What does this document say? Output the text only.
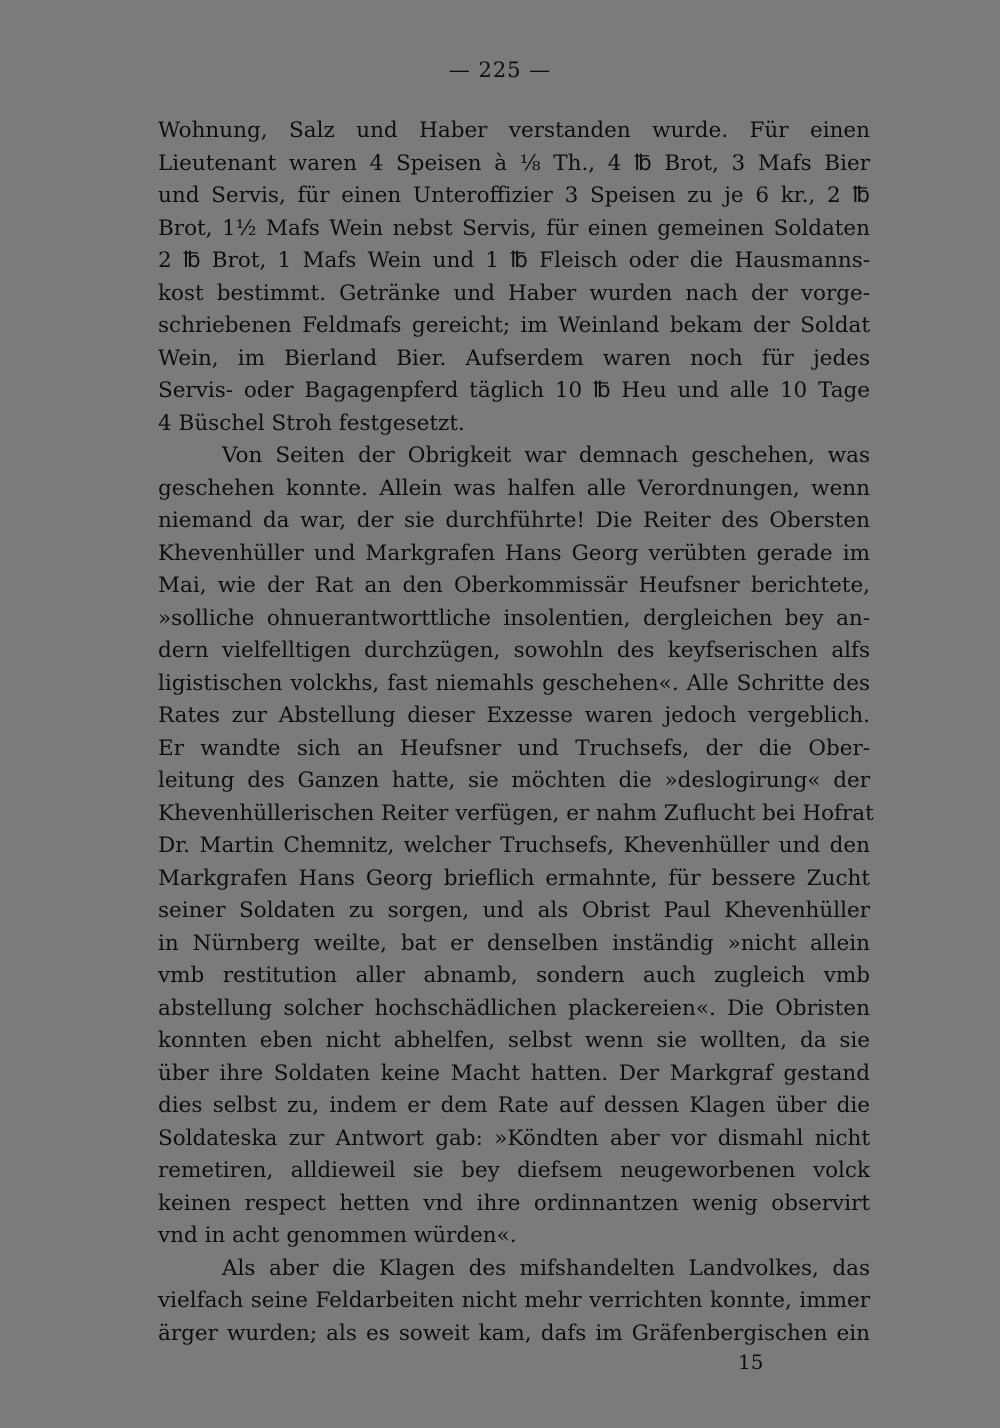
— 225 —
Wohnung, Salz und Haber verstanden wurde. Für einen
Lieutenant waren 4 Speisen à ⅛ Th., 4 ℔ Brot, 3 Mafs Bier
und Servis, für einen Unteroffizier 3 Speisen zu je 6 kr., 2 ℔
Brot, 1½ Mafs Wein nebst Servis, für einen gemeinen Soldaten
2 ℔ Brot, 1 Mafs Wein und 1 ℔ Fleisch oder die Hausmanns-
kost bestimmt. Getränke und Haber wurden nach der vorge-
schriebenen Feldmafs gereicht; im Weinland bekam der Soldat
Wein, im Bierland Bier. Aufserdem waren noch für jedes
Servis- oder Bagagenpferd täglich 10 ℔ Heu und alle 10 Tage
4 Büschel Stroh festgesetzt.
Von Seiten der Obrigkeit war demnach geschehen, was
geschehen konnte. Allein was halfen alle Verordnungen, wenn
niemand da war, der sie durchführte! Die Reiter des Obersten
Khevenhüller und Markgrafen Hans Georg verübten gerade im
Mai, wie der Rat an den Oberkommissär Heufsner berichtete,
»solliche ohnuerantworttliche insolentien, dergleichen bey an-
dern vielfelltigen durchzügen, sowohln des keyfserischen alfs
ligistischen volckhs, fast niemahls geschehen«. Alle Schritte des
Rates zur Abstellung dieser Exzesse waren jedoch vergeblich.
Er wandte sich an Heufsner und Truchsefs, der die Ober-
leitung des Ganzen hatte, sie möchten die »deslogirung« der
Khevenhüllerischen Reiter verfügen, er nahm Zuflucht bei Hofrat
Dr. Martin Chemnitz, welcher Truchsefs, Khevenhüller und den
Markgrafen Hans Georg brieflich ermahnte, für bessere Zucht
seiner Soldaten zu sorgen, und als Obrist Paul Khevenhüller
in Nürnberg weilte, bat er denselben inständig »nicht allein
vmb restitution aller abnamb, sondern auch zugleich vmb
abstellung solcher hochschädlichen plackereien«. Die Obristen
konnten eben nicht abhelfen, selbst wenn sie wollten, da sie
über ihre Soldaten keine Macht hatten. Der Markgraf gestand
dies selbst zu, indem er dem Rate auf dessen Klagen über die
Soldateska zur Antwort gab: »Köndten aber vor dismahl nicht
remetiren, alldieweil sie bey diefsem neugeworbenen volck
keinen respect hetten vnd ihre ordinnantzen wenig observirt
vnd in acht genommen würden«.
Als aber die Klagen des mifshandelten Landvolkes, das
vielfach seine Feldarbeiten nicht mehr verrichten konnte, immer
ärger wurden; als es soweit kam, dafs im Gräfenbergischen ein
15
